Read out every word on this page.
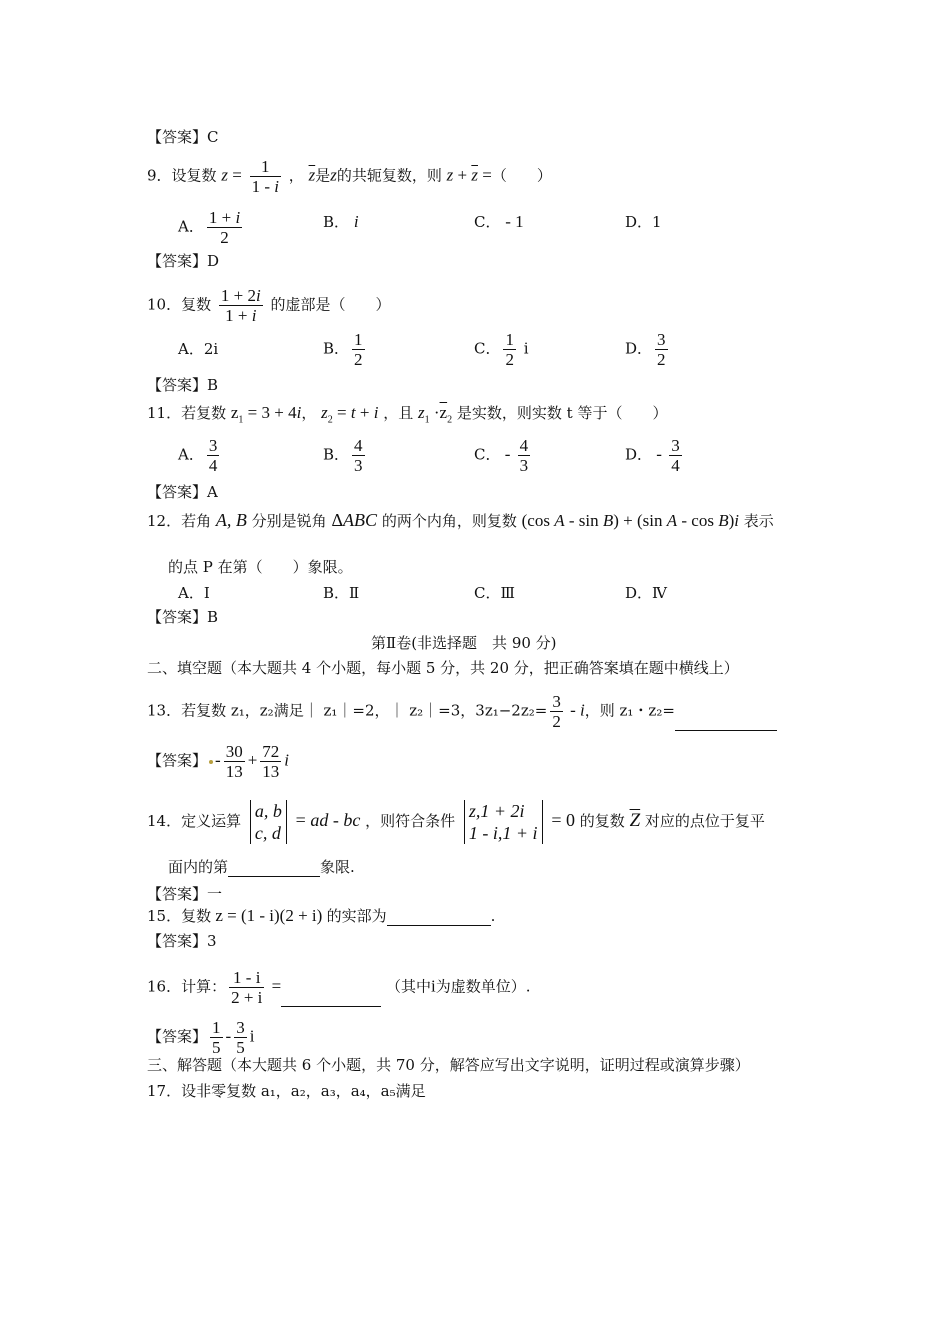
【答案】C
9．设复数 $z = \frac{1}{1 - i}$ ， $\overline{z}$是z的共轭复数，则 $z + \overline{z}$ =（　　）
A． $\frac{1 + i}{2}$	B． i	C． - 1	D．1
【答案】D
10．复数 $\frac{1 + 2i}{1 + i}$ 的虚部是（　　）
A．2i	B． $\frac{1}{2}$	C． $\frac{1}{2}$ i	D． $\frac{3}{2}$
【答案】B
11．若复数 $z_1 = 3 + 4i$， $z_2 = t + i$ ，且 $z_1 \cdot\overline{z}_2$ 是实数，则实数 t 等于（　　）
A． $\frac{3}{4}$	B． $\frac{4}{3}$	C． - $\frac{4}{3}$	D． - $\frac{3}{4}$
【答案】A
12．若角 A, B 分别是锐角 ΔABC 的两个内角，则复数 (cos A - sin B) + (sin A - cos B)i 表示
的点 P 在第（　　）象限。
A．Ⅰ	B．Ⅱ	C．Ⅲ	D．Ⅳ
【答案】B
第Ⅱ卷(非选择题　共 90 分)
二、填空题（本大题共 4 个小题，每小题 5 分，共 20 分，把正确答案填在题中横线上）
13．若复数 z₁，z₂满足｜ z₁｜=2，｜ z₂｜=3，$3z_1-2z_2= \frac{3}{2} - i$，则 z₁・z₂=
【答案】 - $\frac{30}{13} + \frac{72}{13}$ i
14．定义运算 a, b
c, d
= ad - bc ，则符合条件 z,1 + 2i
1 - i,1 + i
= 0 的复数 $\overline{Z}$ 对应的点位于复平
面内的第	象限.
【答案】一
15．复数 z = (1 - i)(2 + i) 的实部为	.
【答案】3
16．计算： $\frac{1 - i}{2 + i}$ =	（其中i为虚数单位）.
【答案】 $\frac{1}{5} - \frac{3}{5}$ i
三、解答题（本大题共 6 个小题，共 70 分，解答应写出文字说明，证明过程或演算步骤）
17．设非零复数 a₁，a₂，a₃，a₄，a₅满足
